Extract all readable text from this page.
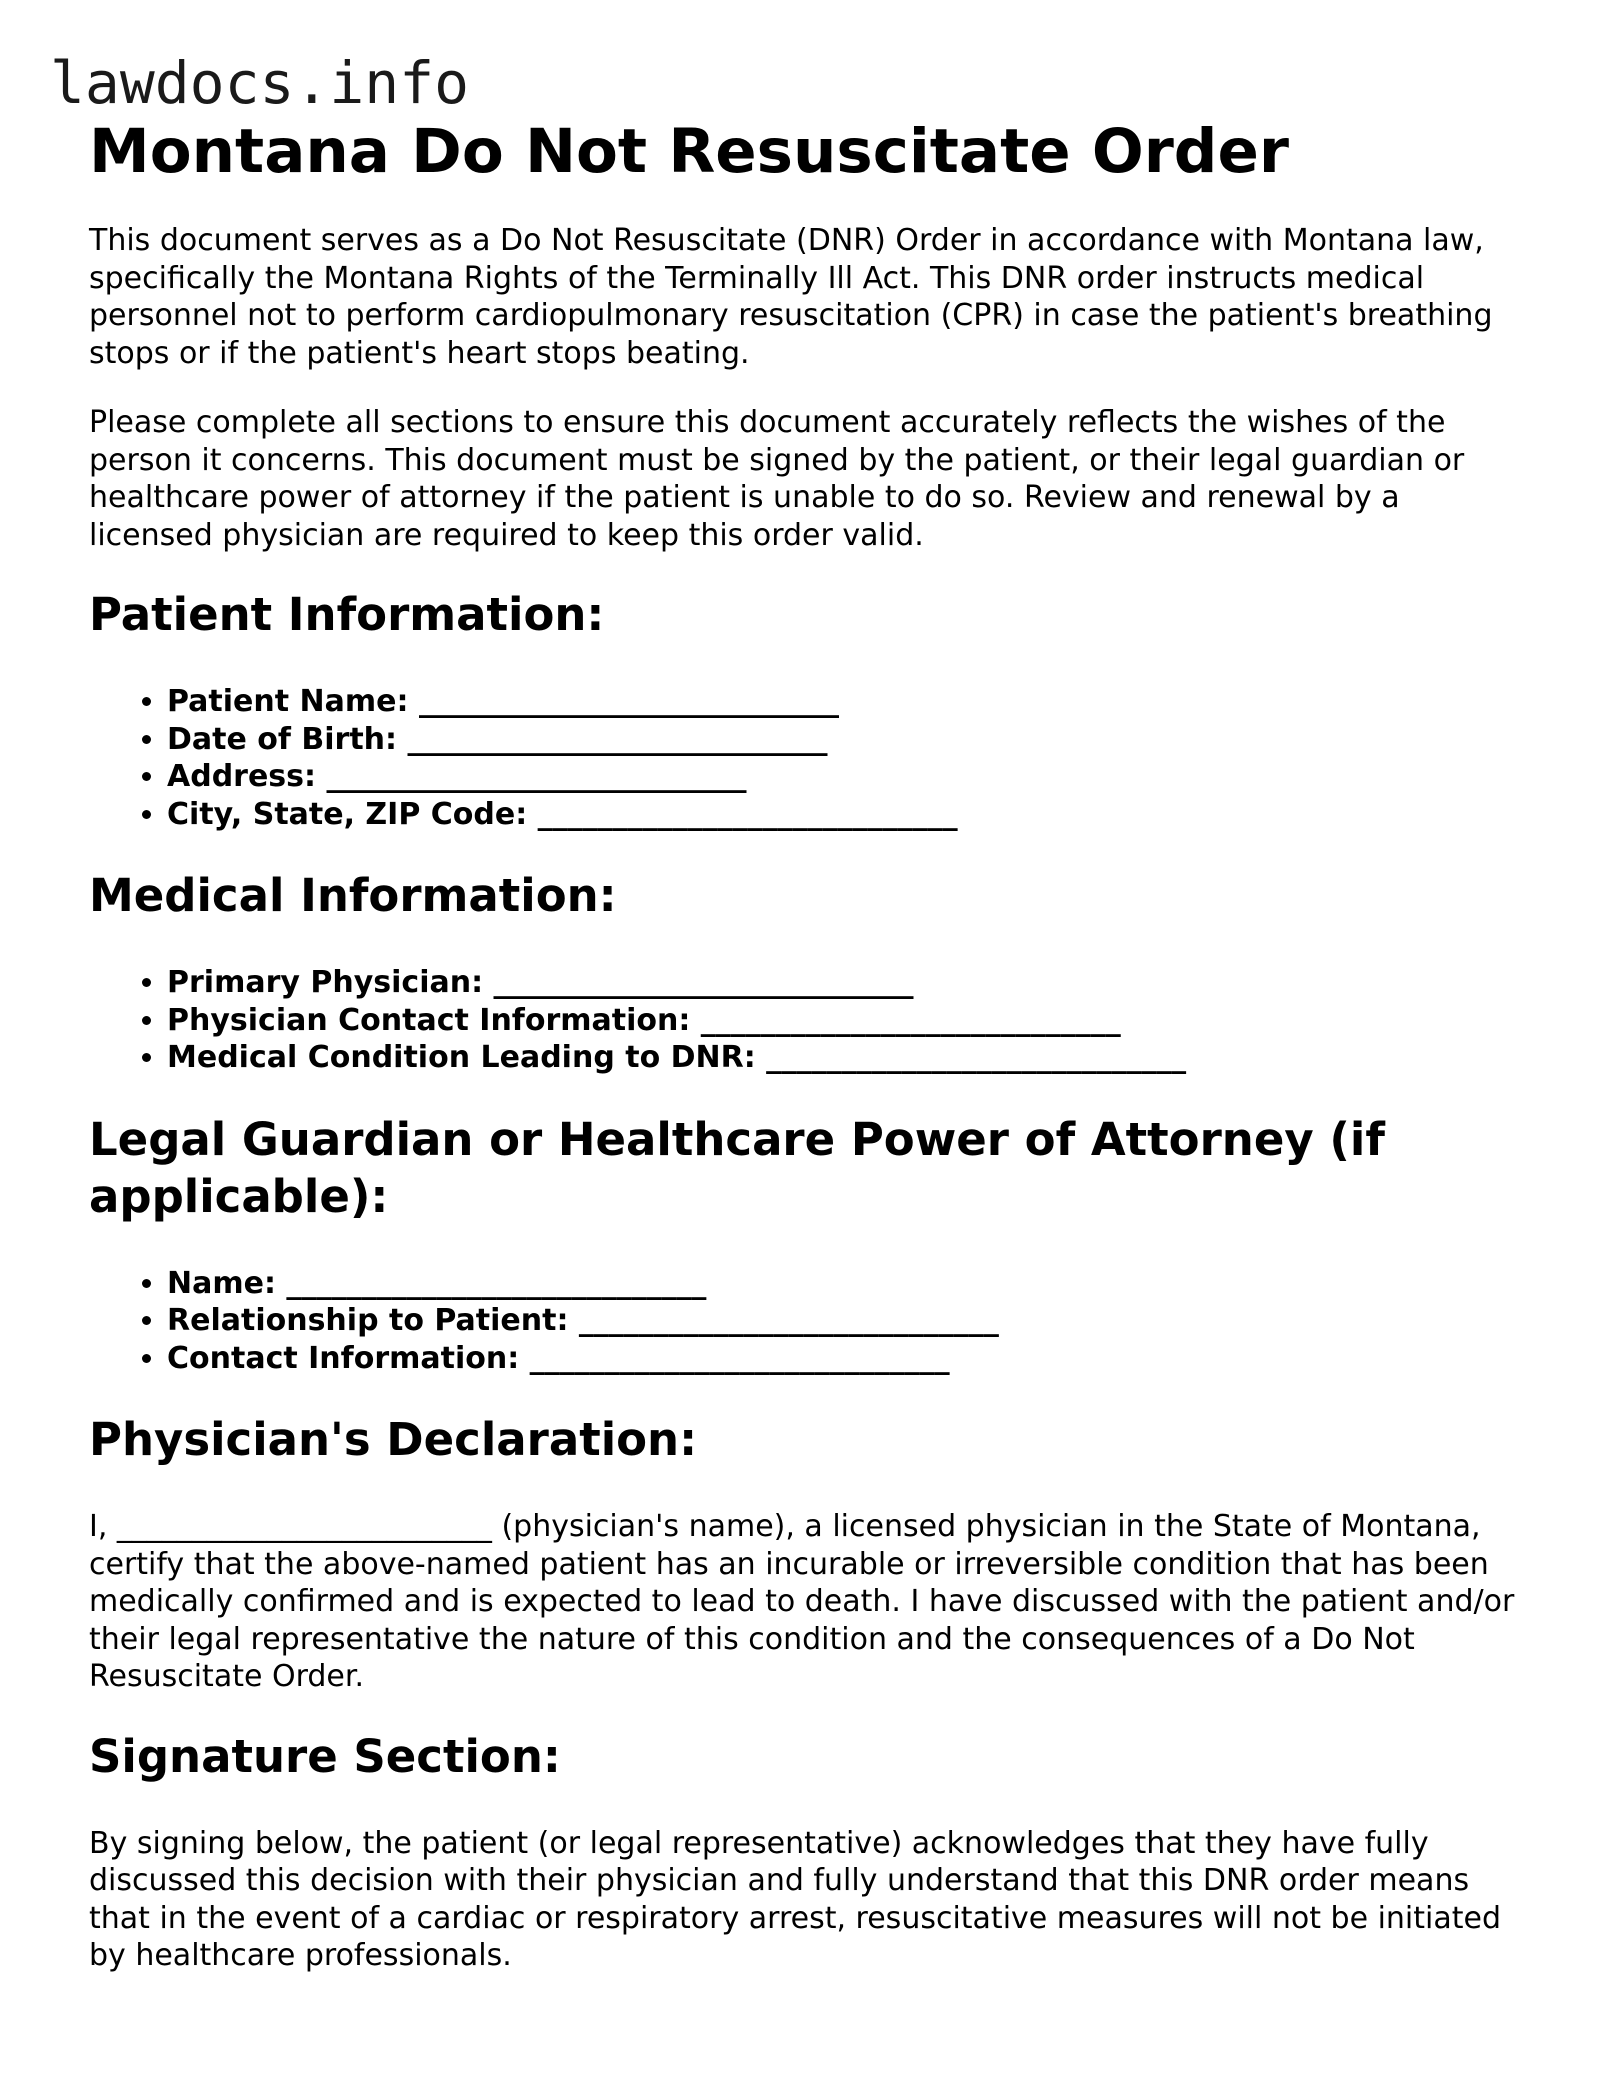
lawdocs.info
Montana Do Not Resuscitate Order

This document serves as a Do Not Resuscitate (DNR) Order in accordance with Montana law, specifically the Montana Rights of the Terminally Ill Act. This DNR order instructs medical personnel not to perform cardiopulmonary resuscitation (CPR) in case the patient's breathing stops or if the patient's heart stops beating.

Please complete all sections to ensure this document accurately reflects the wishes of the person it concerns. This document must be signed by the patient, or their legal guardian or healthcare power of attorney if the patient is unable to do so. Review and renewal by a licensed physician are required to keep this order valid.

Patient Information:
• Patient Name: ____________________________
• Date of Birth: ____________________________
• Address: ____________________________
• City, State, ZIP Code: ____________________________
Medical Information:
• Primary Physician: ____________________________
• Physician Contact Information: ____________________________
• Medical Condition Leading to DNR: ____________________________
Legal Guardian or Healthcare Power of Attorney (if applicable):
• Name: ____________________________
• Relationship to Patient: ____________________________
• Contact Information: ____________________________
Physician's Declaration:

I, _________________________ (physician's name), a licensed physician in the State of Montana, certify that the above-named patient has an incurable or irreversible condition that has been medically confirmed and is expected to lead to death. I have discussed with the patient and/or their legal representative the nature of this condition and the consequences of a Do Not Resuscitate Order.

Signature Section:

By signing below, the patient (or legal representative) acknowledges that they have fully discussed this decision with their physician and fully understand that this DNR order means that in the event of a cardiac or respiratory arrest, resuscitative measures will not be initiated by healthcare professionals.
